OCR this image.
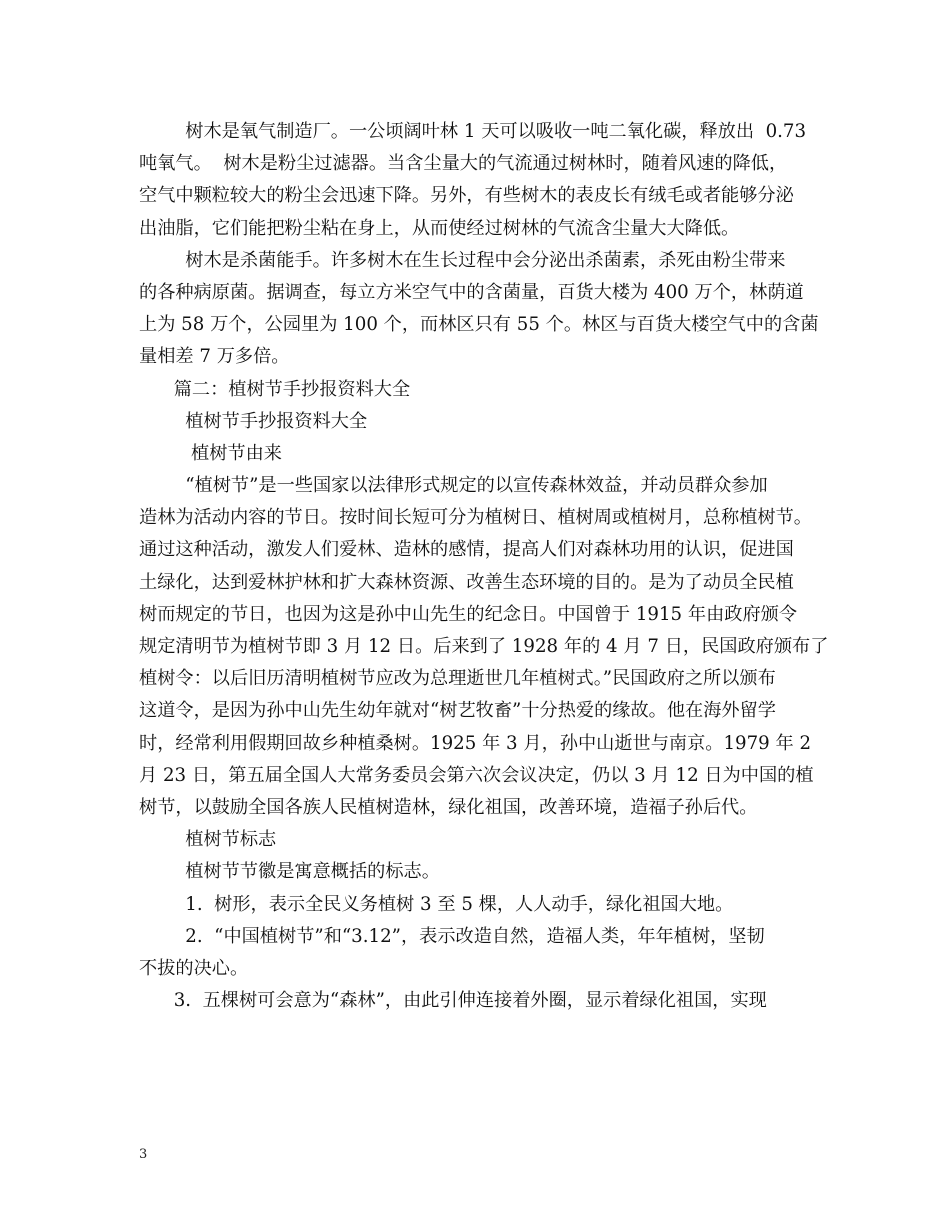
树木是氧气制造厂。一公顷阔叶林 1 天可以吸收一吨二氧化碳，释放出  0.73
吨氧气。  树木是粉尘过滤器。当含尘量大的气流通过树林时，随着风速的降低，
空气中颗粒较大的粉尘会迅速下降。另外，有些树木的表皮长有绒毛或者能够分泌
出油脂，它们能把粉尘粘在身上，从而使经过树林的气流含尘量大大降低。
树木是杀菌能手。许多树木在生长过程中会分泌出杀菌素，杀死由粉尘带来
的各种病原菌。据调查，每立方米空气中的含菌量，百货大楼为 400 万个，林荫道
上为 58 万个，公园里为 100 个，而林区只有 55 个。林区与百货大楼空气中的含菌
量相差 7 万多倍。
篇二：植树节手抄报资料大全
植树节手抄报资料大全
植树节由来
“植树节”是一些国家以法律形式规定的以宣传森林效益，并动员群众参加
造林为活动内容的节日。按时间长短可分为植树日、植树周或植树月，总称植树节。
通过这种活动，激发人们爱林、造林的感情，提高人们对森林功用的认识，促进国
土绿化，达到爱林护林和扩大森林资源、改善生态环境的目的。是为了动员全民植
树而规定的节日，也因为这是孙中山先生的纪念日。中国曾于 1915 年由政府颁令
规定清明节为植树节即 3 月 12 日。后来到了 1928 年的 4 月 7 日，民国政府颁布了
植树令：以后旧历清明植树节应改为总理逝世几年植树式。”民国政府之所以颁布
这道令，是因为孙中山先生幼年就对“树艺牧畜”十分热爱的缘故。他在海外留学
时，经常利用假期回故乡种植桑树。1925 年 3 月，孙中山逝世与南京。1979 年 2
月 23 日，第五届全国人大常务委员会第六次会议决定，仍以 3 月 12 日为中国的植
树节，以鼓励全国各族人民植树造林，绿化祖国，改善环境，造福子孙后代。
植树节标志
植树节节徽是寓意概括的标志。
1.  树形，表示全民义务植树 3 至 5 棵，人人动手，绿化祖国大地。
2.  “中国植树节”和“3.12”，表示改造自然，造福人类，年年植树，坚韧
不拔的决心。
3.  五棵树可会意为“森林”，由此引伸连接着外圈，显示着绿化祖国，实现
3
